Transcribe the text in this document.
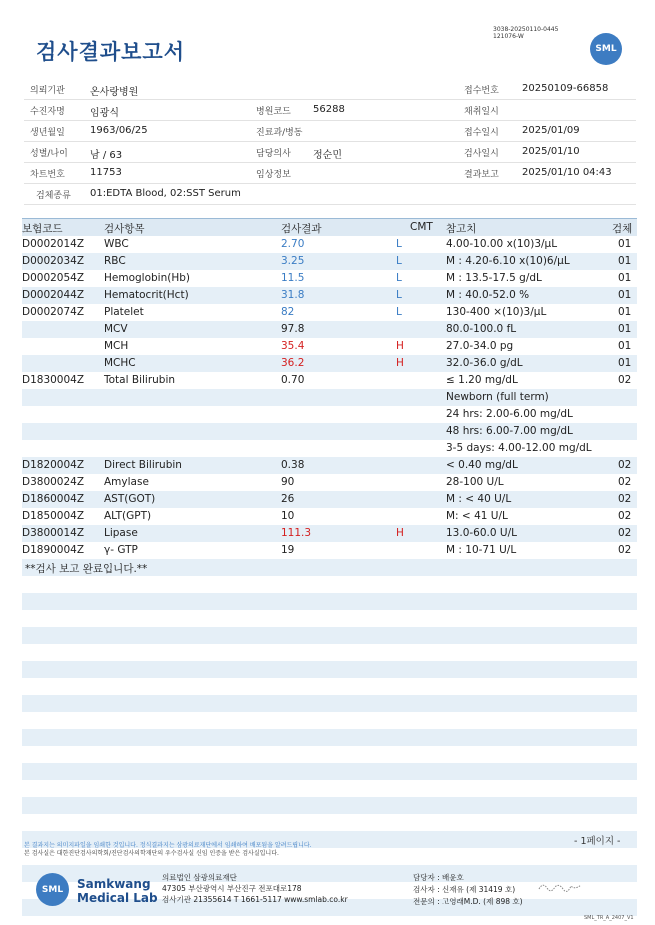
검사결과보고서
3038-20250110-0445
121076-W
SML
의뢰기관	온사랑병원	접수번호 20250109-66858
수진자명	임광식	병원코드 56288	채취일시
생년월일	1963/06/25	진료과/병동	접수일시 2025/01/09
성별/나이 남 / 63	담당의사 정순민	검사일시 2025/01/10
차트번호	11753	임상정보	결과보고 2025/01/10 04:43
검체종류 01:EDTA Blood, 02:SST Serum
보험코드	검사항목	검사결과	CMT 참고치	검체
D0002014Z WBC	2.70	L	4.00-10.00 x(10)3/μL	01
D0002034Z RBC	3.25	L	M : 4.20-6.10 x(10)6/μL	01
D0002054Z Hemoglobin(Hb)	11.5	L	M : 13.5-17.5 g/dL	01
D0002044Z Hematocrit(Hct)	31.8	L	M : 40.0-52.0 %	01
D0002074Z Platelet	82	L	130-400 ×(10)3/μL	01
MCV	97.8	80.0-100.0 fL	01
MCH	35.4	H	27.0-34.0 pg	01
MCHC	36.2	H	32.0-36.0 g/dL	01
D1830004Z Total Bilirubin	0.70	≤ 1.20 mg/dL	02
Newborn (full term)
24 hrs: 2.00-6.00 mg/dL
48 hrs: 6.00-7.00 mg/dL
3-5 days: 4.00-12.00 mg/dL
D1820004Z Direct Bilirubin	0.38	< 0.40 mg/dL	02
D3800024Z Amylase	90	28-100 U/L	02
D1860004Z AST(GOT)	26	M : < 40 U/L	02
D1850004Z ALT(GPT)	10	M: < 41 U/L	02
D3800014Z Lipase	111.3	H	13.0-60.0 U/L	02
D1890004Z γ- GTP	19	M : 10-71 U/L	02
**검사 보고 완료입니다.**
- 1페이지 -
본 결과지는 의미지파일을 임쇄한 것입니다. 정식결과지는 삼광의료재단에서 임쇄하여 배포됨을 알려드립니다.
본 검사실은 대한진단검사의학회/진단검사의학재단의 우수검사실 신임 인증을 받은 검사실입니다.
SML	Samkwang
Medical Lab
의료법인 삼광의료재단
47305 부산광역시 부산진구 전포대로178
검사기관 21355614 T 1661-5117 www.smlab.co.kr
담당자 : 배윤호
검사자 : 신재유 (제 31419 호)
전문의 : 고영래M.D. (제 898 호)
SML_TR_A_2407_V1
